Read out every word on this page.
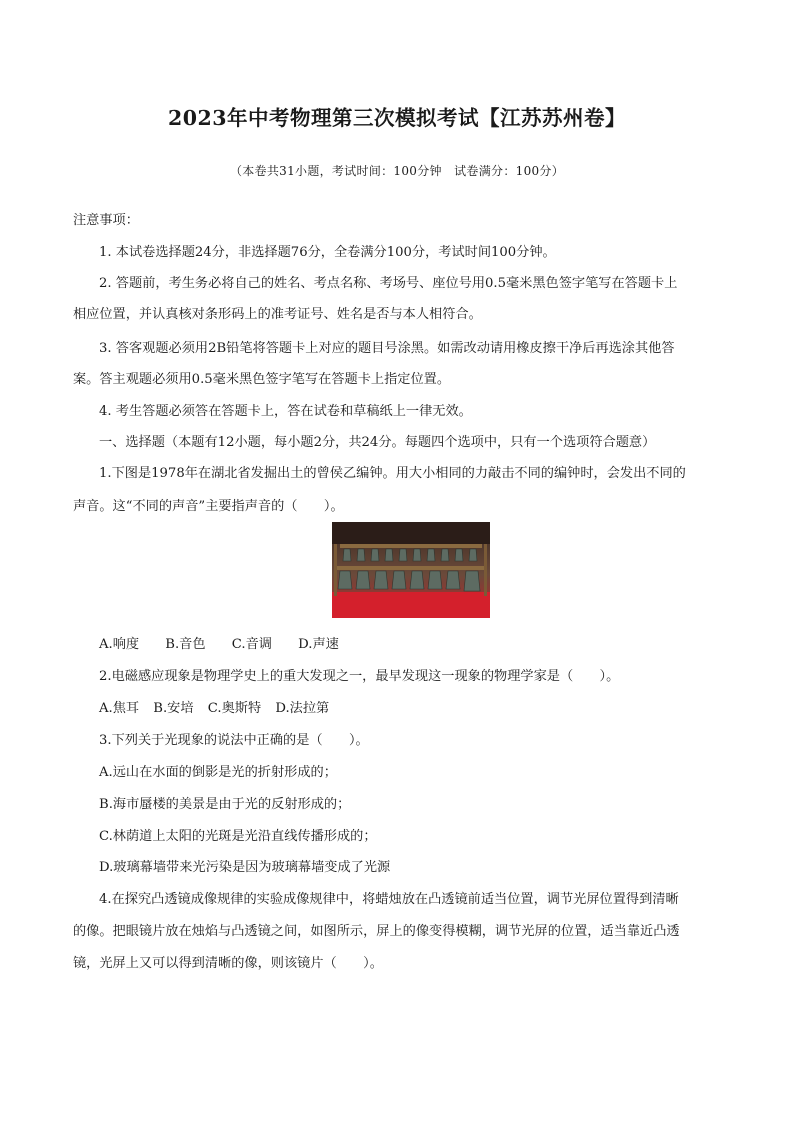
2023年中考物理第三次模拟考试【江苏苏州卷】
（本卷共31小题，考试时间：100分钟　试卷满分：100分）
注意事项：
1. 本试卷选择题24分，非选择题76分，全卷满分100分，考试时间100分钟。
2. 答题前，考生务必将自己的姓名、考点名称、考场号、座位号用0.5毫米黑色签字笔写在答题卡上
相应位置，并认真核对条形码上的准考证号、姓名是否与本人相符合。
3. 答客观题必须用2B铅笔将答题卡上对应的题目号涂黑。如需改动请用橡皮擦干净后再选涂其他答
案。答主观题必须用0.5毫米黑色签字笔写在答题卡上指定位置。
4. 考生答题必须答在答题卡上，答在试卷和草稿纸上一律无效。
一、选择题（本题有12小题，每小题2分，共24分。每题四个选项中，只有一个选项符合题意）
1.下图是1978年在湖北省发掘出土的曾侯乙编钟。用大小相同的力敲击不同的编钟时，会发出不同的
声音。这“不同的声音”主要指声音的（　　）。
A.响度 B.音色 C.音调 D.声速
2.电磁感应现象是物理学史上的重大发现之一，最早发现这一现象的物理学家是（　　）。
A.焦耳 B.安培 C.奥斯特 D.法拉第
3.下列关于光现象的说法中正确的是（　　）。
A.远山在水面的倒影是光的折射形成的；
B.海市蜃楼的美景是由于光的反射形成的；
C.林荫道上太阳的光斑是光沿直线传播形成的；
D.玻璃幕墙带来光污染是因为玻璃幕墙变成了光源
4.在探究凸透镜成像规律的实验成像规律中，将蜡烛放在凸透镜前适当位置，调节光屏位置得到清晰
的像。把眼镜片放在烛焰与凸透镜之间，如图所示，屏上的像变得模糊，调节光屏的位置，适当靠近凸透
镜，光屏上又可以得到清晰的像，则该镜片（　　）。
